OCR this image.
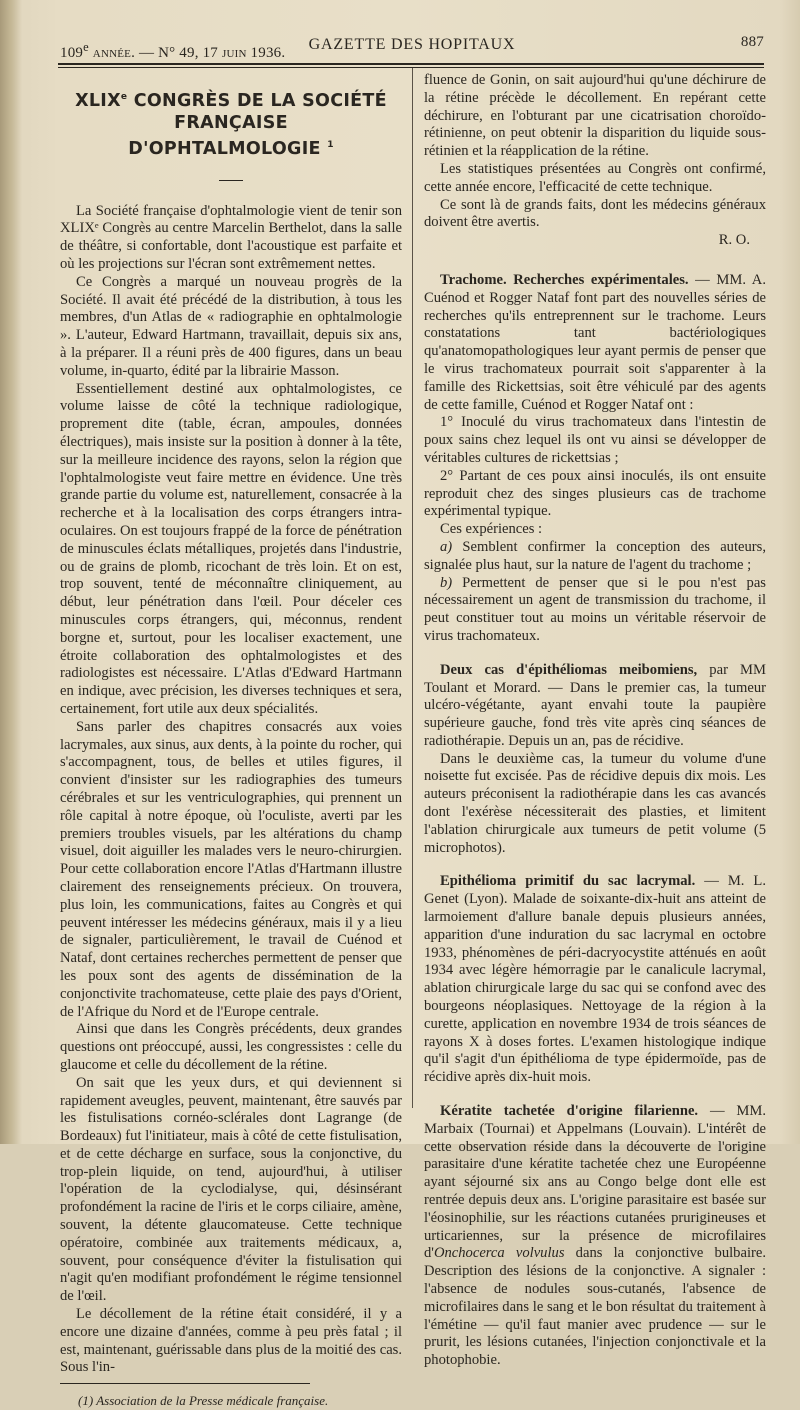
109e année. — N° 49, 17 juin 1936.	GAZETTE DES HOPITAUX	887
XLIXe CONGRÈS DE LA SOCIÉTÉ FRANÇAISE
D'OPHTALMOLOGIE $^1$

La Société française d'ophtalmologie vient de tenir son XLIXᵉ Congrès au centre Marcelin Berthelot, dans la salle de théâtre, si confortable, dont l'acoustique est parfaite et où les projections sur l'écran sont extrêmement nettes.

Ce Congrès a marqué un nouveau progrès de la Société. Il avait été précédé de la distribution, à tous les membres, d'un Atlas de « radiographie en ophtalmologie ». L'auteur, Edward Hartmann, travaillait, depuis six ans, à la préparer. Il a réuni près de 400 figures, dans un beau volume, in-quarto, édité par la librairie Masson.

Essentiellement destiné aux ophtalmologistes, ce volume laisse de côté la technique radiologique, proprement dite (table, écran, ampoules, données électriques), mais insiste sur la position à donner à la tête, sur la meilleure incidence des rayons, selon la région que l'ophtalmologiste veut faire mettre en évidence. Une très grande partie du volume est, naturellement, consacrée à la recherche et à la localisation des corps étrangers intra-oculaires. On est toujours frappé de la force de pénétration de minuscules éclats métalliques, projetés dans l'industrie, ou de grains de plomb, ricochant de très loin. Et on est, trop souvent, tenté de méconnaître cliniquement, au début, leur pénétration dans l'œil. Pour déceler ces minuscules corps étrangers, qui, méconnus, rendent borgne et, surtout, pour les localiser exactement, une étroite collaboration des ophtalmologistes et des radiologistes est nécessaire. L'Atlas d'Edward Hartmann en indique, avec précision, les diverses techniques et sera, certainement, fort utile aux deux spécialités.

Sans parler des chapitres consacrés aux voies lacrymales, aux sinus, aux dents, à la pointe du rocher, qui s'accompagnent, tous, de belles et utiles figures, il convient d'insister sur les radiographies des tumeurs cérébrales et sur les ventriculographies, qui prennent un rôle capital à notre époque, où l'oculiste, averti par les premiers troubles visuels, par les altérations du champ visuel, doit aiguiller les malades vers le neuro-chirurgien. Pour cette collaboration encore l'Atlas d'Hartmann illustre clairement des renseignements précieux. On trouvera, plus loin, les communications, faites au Congrès et qui peuvent intéresser les médecins généraux, mais il y a lieu de signaler, particulièrement, le travail de Cuénod et Nataf, dont certaines recherches permettent de penser que les poux sont des agents de dissémination de la conjonctivite trachomateuse, cette plaie des pays d'Orient, de l'Afrique du Nord et de l'Europe centrale.

Ainsi que dans les Congrès précédents, deux grandes questions ont préoccupé, aussi, les congressistes : celle du glaucome et celle du décollement de la rétine.

On sait que les yeux durs, et qui deviennent si rapidement aveugles, peuvent, maintenant, être sauvés par les fistulisations cornéo-sclérales dont Lagrange (de Bordeaux) fut l'initiateur, mais à côté de cette fistulisation, et de cette décharge en surface, sous la conjonctive, du trop-plein liquide, on tend, aujourd'hui, à utiliser l'opération de la cyclodialyse, qui, désinsérant profondément la racine de l'iris et le corps ciliaire, amène, souvent, la détente glaucomateuse. Cette technique opératoire, combinée aux traitements médicaux, a, souvent, pour conséquence d'éviter la fistulisation qui n'agit qu'en modifiant profondément le régime tensionnel de l'œil.

Le décollement de la rétine était considéré, il y a encore une dizaine d'années, comme à peu près fatal ; il est, maintenant, guérissable dans plus de la moitié des cas. Sous l'in-

(1) Association de la Presse médicale française.

fluence de Gonin, on sait aujourd'hui qu'une déchirure de la rétine précède le décollement. En repérant cette déchirure, en l'obturant par une cicatrisation choroïdo-rétinienne, on peut obtenir la disparition du liquide sous-rétinien et la réapplication de la rétine.

Les statistiques présentées au Congrès ont confirmé, cette année encore, l'efficacité de cette technique.

Ce sont là de grands faits, dont les médecins généraux doivent être avertis.

R. O.

Trachome. Recherches expérimentales. — MM. A. Cuénod et Rogger Nataf font part des nouvelles séries de recherches qu'ils entreprennent sur le trachome. Leurs constatations tant bactériologiques qu'anatomopathologiques leur ayant permis de penser que le virus trachomateux pourrait soit s'apparenter à la famille des Rickettsias, soit être véhiculé par des agents de cette famille, Cuénod et Rogger Nataf ont :

1° Inoculé du virus trachomateux dans l'intestin de poux sains chez lequel ils ont vu ainsi se développer de véritables cultures de rickettsias ;

2° Partant de ces poux ainsi inoculés, ils ont ensuite reproduit chez des singes plusieurs cas de trachome expérimental typique.

Ces expériences :

a) Semblent confirmer la conception des auteurs, signalée plus haut, sur la nature de l'agent du trachome ;

b) Permettent de penser que si le pou n'est pas nécessairement un agent de transmission du trachome, il peut constituer tout au moins un véritable réservoir de virus trachomateux.

Deux cas d'épithéliomas meibomiens, par MM Toulant et Morard. — Dans le premier cas, la tumeur ulcéro-végétante, ayant envahi toute la paupière supérieure gauche, fond très vite après cinq séances de radiothérapie. Depuis un an, pas de récidive.

Dans le deuxième cas, la tumeur du volume d'une noisette fut excisée. Pas de récidive depuis dix mois. Les auteurs préconisent la radiothérapie dans les cas avancés dont l'exérèse nécessiterait des plasties, et limitent l'ablation chirurgicale aux tumeurs de petit volume (5 microphotos).

Epithélioma primitif du sac lacrymal. — M. L. Genet (Lyon). Malade de soixante-dix-huit ans atteint de larmoiement d'allure banale depuis plusieurs années, apparition d'une induration du sac lacrymal en octobre 1933, phénomènes de péri-dacryocystite atténués en août 1934 avec légère hémorragie par le canalicule lacrymal, ablation chirurgicale large du sac qui se confond avec des bourgeons néoplasiques. Nettoyage de la région à la curette, application en novembre 1934 de trois séances de rayons X à doses fortes. L'examen histologique indique qu'il s'agit d'un épithélioma de type épidermoïde, pas de récidive après dix-huit mois.

Kératite tachetée d'origine filarienne. — MM. Marbaix (Tournai) et Appelmans (Louvain). L'intérêt de cette observation réside dans la découverte de l'origine parasitaire d'une kératite tachetée chez une Européenne ayant séjourné six ans au Congo belge dont elle est rentrée depuis deux ans. L'origine parasitaire est basée sur l'éosinophilie, sur les réactions cutanées prurigineuses et urticariennes, sur la présence de microfilaires d'Onchocerca volvulus dans la conjonctive bulbaire. Description des lésions de la conjonctive. A signaler : l'absence de nodules sous-cutanés, l'absence de microfilaires dans le sang et le bon résultat du traitement à l'émétine — qu'il faut manier avec prudence — sur le prurit, les lésions cutanées, l'injection conjonctivale et la photophobie.
